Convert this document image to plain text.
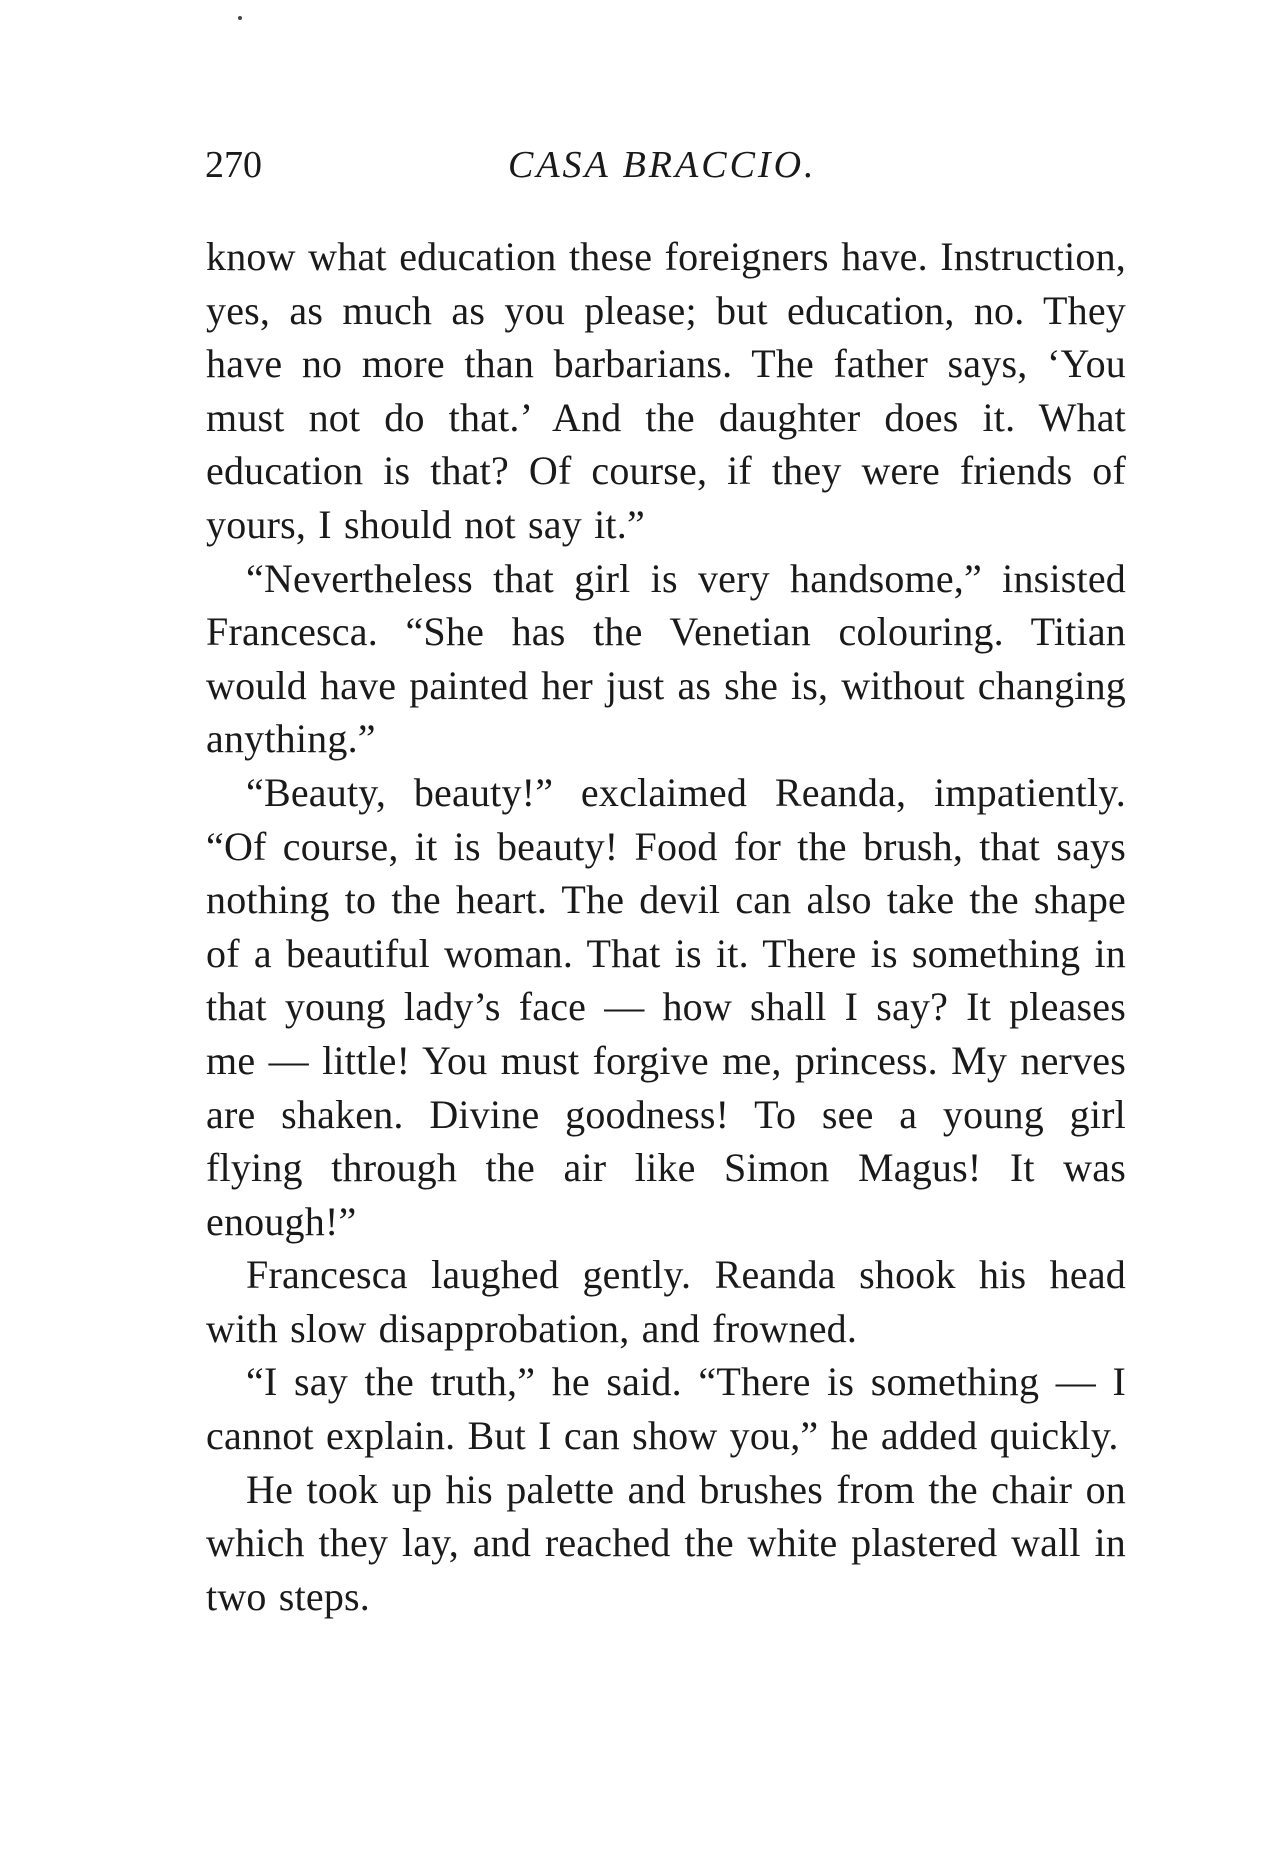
270	CASA BRACCIO.

know what education these foreigners have. Instruction, yes, as much as you please; but education, no. They have no more than barbarians. The father says, ‘You must not do that.’ And the daughter does it. What education is that? Of course, if they were friends of yours, I should not say it.”

“Nevertheless that girl is very handsome,” insisted Francesca. “She has the Venetian colouring. Titian would have painted her just as she is, without changing anything.”

“Beauty, beauty!” exclaimed Reanda, impatiently. “Of course, it is beauty! Food for the brush, that says nothing to the heart. The devil can also take the shape of a beautiful woman. That is it. There is something in that young lady’s face — how shall I say? It pleases me — little! You must forgive me, princess. My nerves are shaken. Divine goodness! To see a young girl flying through the air like Simon Magus! It was enough!”

Francesca laughed gently. Reanda shook his head with slow disapprobation, and frowned.

“I say the truth,” he said. “There is something — I cannot explain. But I can show you,” he added quickly.

He took up his palette and brushes from the chair on which they lay, and reached the white plastered wall in two steps.
